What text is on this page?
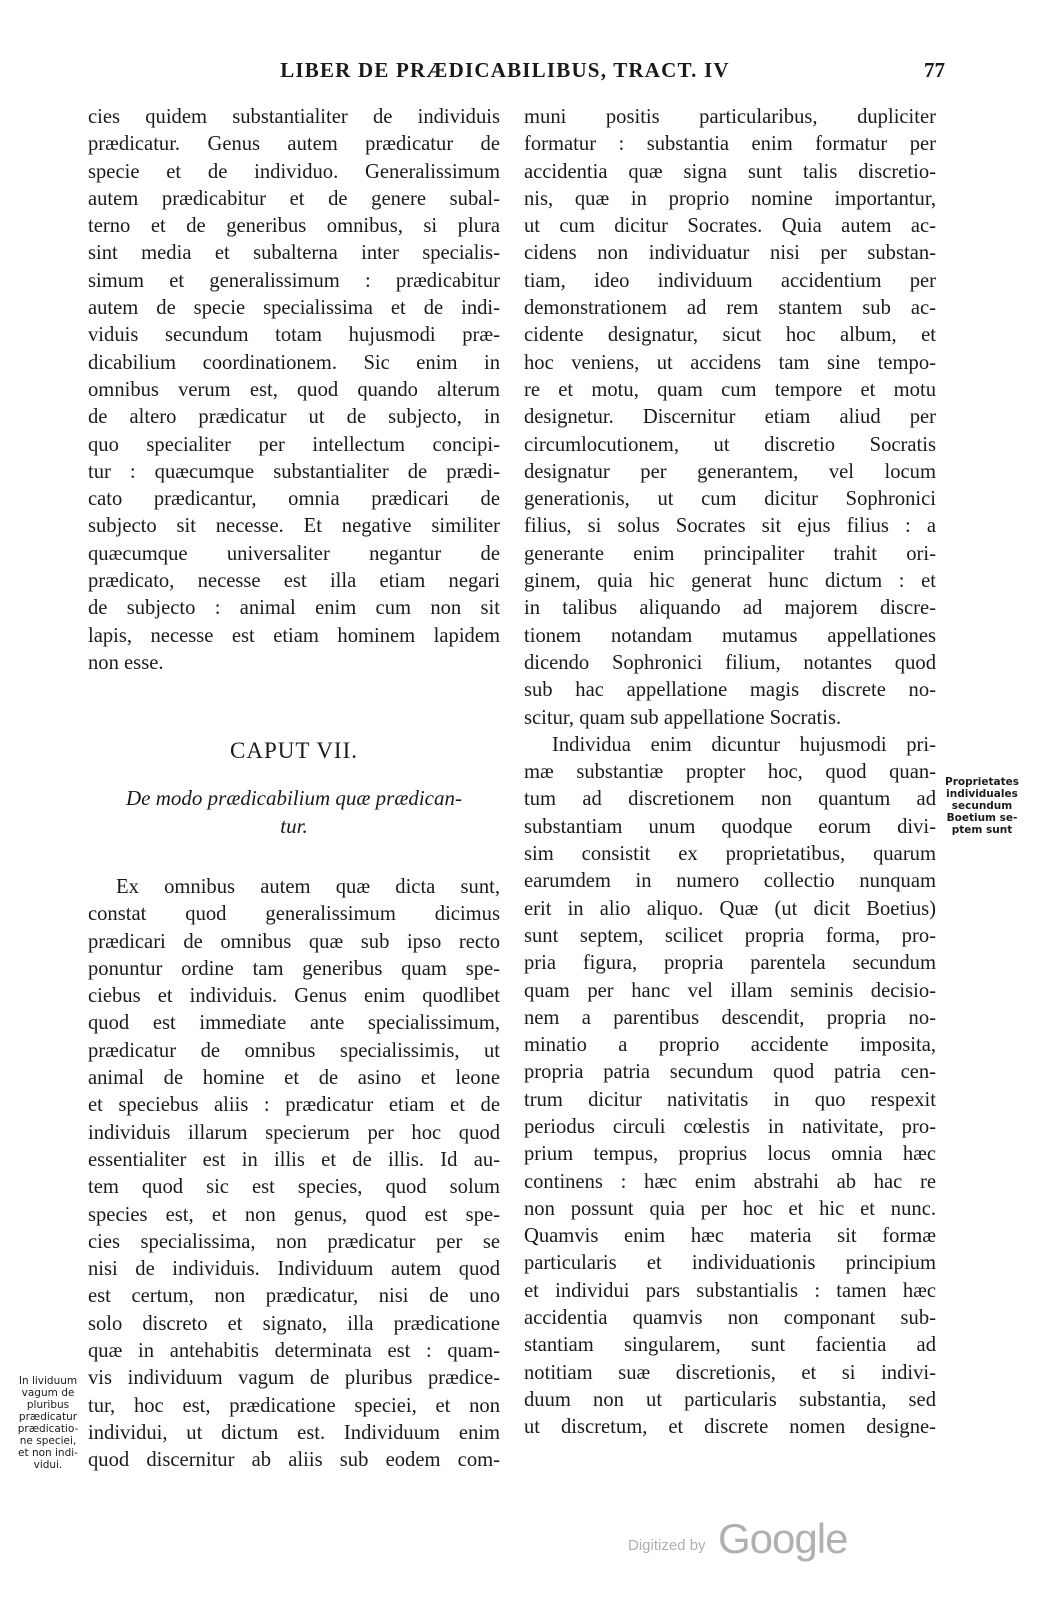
LIBER DE PRÆDICABILIBUS, TRACT. IV	77
cies quidem substantialiter de individuis
prædicatur. Genus autem prædicatur de
specie et de individuo. Generalissimum
autem prædicabitur et de genere subal-
terno et de generibus omnibus, si plura
sint media et subalterna inter specialis-
simum et generalissimum : prædicabitur
autem de specie specialissima et de indi-
viduis secundum totam hujusmodi præ-
dicabilium coordinationem. Sic enim in
omnibus verum est, quod quando alterum
de altero prædicatur ut de subjecto, in
quo specialiter per intellectum concipi-
tur : quæcumque substantialiter de prædi-
cato prædicantur, omnia prædicari de
subjecto sit necesse. Et negative similiter
quæcumque universaliter negantur de
prædicato, necesse est illa etiam negari
de subjecto : animal enim cum non sit
lapis, necesse est etiam hominem lapidem
non esse.
CAPUT VII.
De modo prædicabilium quæ prædican-
tur.
Ex omnibus autem quæ dicta sunt,
constat quod generalissimum dicimus
prædicari de omnibus quæ sub ipso recto
ponuntur ordine tam generibus quam spe-
ciebus et individuis. Genus enim quodlibet
quod est immediate ante specialissimum,
prædicatur de omnibus specialissimis, ut
animal de homine et de asino et leone
et speciebus aliis : prædicatur etiam et de
individuis illarum specierum per hoc quod
essentialiter est in illis et de illis. Id au-
tem quod sic est species, quod solum
species est, et non genus, quod est spe-
cies specialissima, non prædicatur per se
nisi de individuis. Individuum autem quod
est certum, non prædicatur, nisi de uno
solo discreto et signato, illa prædicatione
quæ in antehabitis determinata est : quam-
vis individuum vagum de pluribus prædice-
tur, hoc est, prædicatione speciei, et non
individui, ut dictum est. Individuum enim
quod discernitur ab aliis sub eodem com-
muni positis particularibus, dupliciter
formatur : substantia enim formatur per
accidentia quæ signa sunt talis discretio-
nis, quæ in proprio nomine importantur,
ut cum dicitur Socrates. Quia autem ac-
cidens non individuatur nisi per substan-
tiam, ideo individuum accidentium per
demonstrationem ad rem stantem sub ac-
cidente designatur, sicut hoc album, et
hoc veniens, ut accidens tam sine tempo-
re et motu, quam cum tempore et motu
designetur. Discernitur etiam aliud per
circumlocutionem, ut discretio Socratis
designatur per generantem, vel locum
generationis, ut cum dicitur Sophronici
filius, si solus Socrates sit ejus filius : a
generante enim principaliter trahit ori-
ginem, quia hic generat hunc dictum : et
in talibus aliquando ad majorem discre-
tionem notandam mutamus appellationes
dicendo Sophronici filium, notantes quod
sub hac appellatione magis discrete no-
scitur, quam sub appellatione Socratis.
Individua enim dicuntur hujusmodi pri-
mæ substantiæ propter hoc, quod quan-
tum ad discretionem non quantum ad
substantiam unum quodque eorum divi-
sim consistit ex proprietatibus, quarum
earumdem in numero collectio nunquam
erit in alio aliquo. Quæ (ut dicit Boetius)
sunt septem, scilicet propria forma, pro-
pria figura, propria parentela secundum
quam per hanc vel illam seminis decisio-
nem a parentibus descendit, propria no-
minatio a proprio accidente imposita,
propria patria secundum quod patria cen-
trum dicitur nativitatis in quo respexit
periodus circuli cœlestis in nativitate, pro-
prium tempus, proprius locus omnia hæc
continens : hæc enim abstrahi ab hac re
non possunt quia per hoc et hic et nunc.
Quamvis enim hæc materia sit formæ
particularis et individuationis principium
et individui pars substantialis : tamen hæc
accidentia quamvis non componant sub-
stantiam singularem, sunt facientia ad
notitiam suæ discretionis, et si indivi-
duum non ut particularis substantia, sed
ut discretum, et discrete nomen designe-
Proprietates
individuales
secundum
Boetium se-
ptem sunt
In lividuum
vagum de
pluribus
prædicatur
prædicatio-
ne speciei,
et non indi-
vidui.
Digitized by Google
